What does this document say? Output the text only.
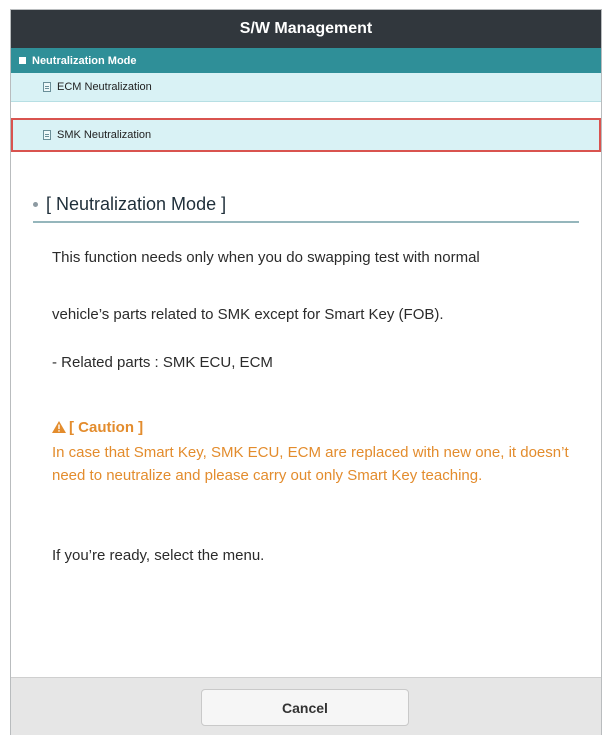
S/W Management
Neutralization Mode
ECM Neutralization
SMK Neutralization
[ Neutralization Mode ]
This function needs only when you do swapping test with normal
vehicle’s parts related to SMK except for Smart Key (FOB).
- Related parts : SMK ECU, ECM
[ Caution ]
In case that Smart Key, SMK ECU, ECM are replaced with new one, it doesn’t need to neutralize and please carry out only Smart Key teaching.
If you’re ready, select the menu.
Cancel
